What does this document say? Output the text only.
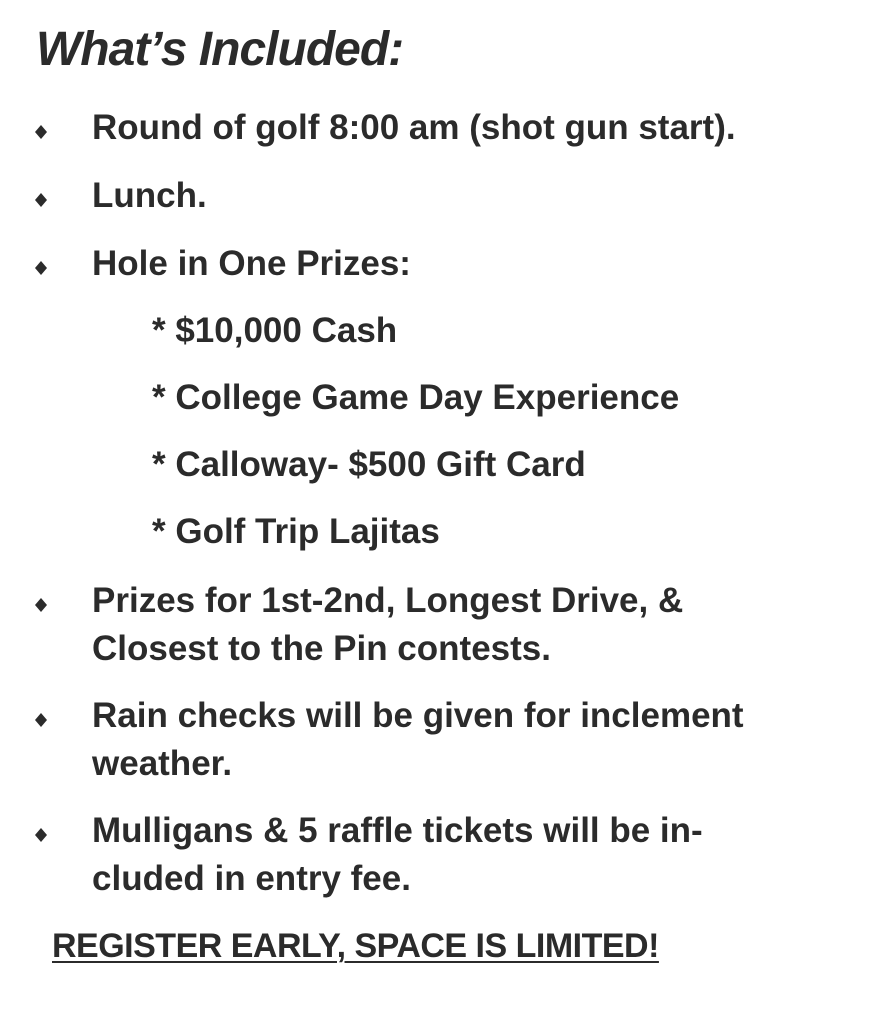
What’s Included:
Round of golf 8:00 am (shot gun start).
Lunch.
Hole in One Prizes:
* $10,000 Cash
* College Game Day Experience
* Calloway- $500 Gift Card
* Golf Trip Lajitas
Prizes for 1st-2nd, Longest Drive, &
Closest to the Pin contests.
Rain checks will be given for inclement
weather.
Mulligans & 5 raffle tickets will be in-
cluded in entry fee.
REGISTER EARLY, SPACE IS LIMITED!
